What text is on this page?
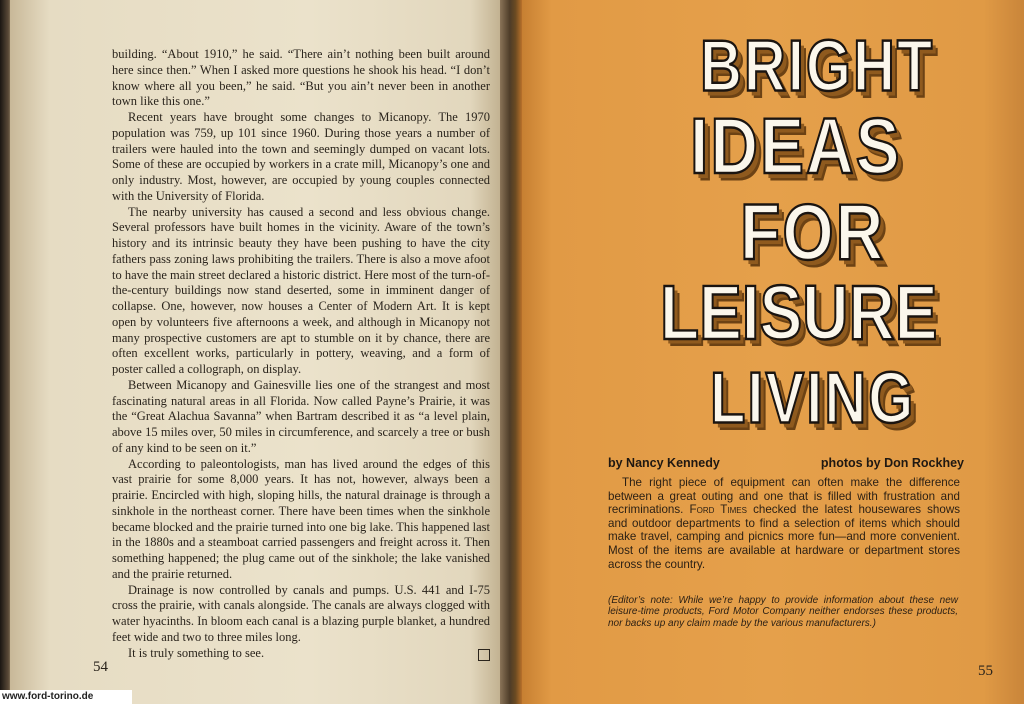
building. “About 1910,” he said. “There ain’t nothing been built around here since then.” When I asked more questions he shook his head. “I don’t know where all you been,” he said. “But you ain’t never been in another town like this one.”

Recent years have brought some changes to Micanopy. The 1970 population was 759, up 101 since 1960. During those years a number of trailers were hauled into the town and seemingly dumped on vacant lots. Some of these are occupied by workers in a crate mill, Micanopy’s one and only industry. Most, however, are occupied by young couples connected with the University of Florida.

The nearby university has caused a second and less obvious change. Several professors have built homes in the vicinity. Aware of the town’s history and its intrinsic beauty they have been pushing to have the city fathers pass zoning laws prohibiting the trailers. There is also a move afoot to have the main street declared a historic district. Here most of the turn-of-the-century buildings now stand deserted, some in imminent danger of collapse. One, however, now houses a Center of Modern Art. It is kept open by volunteers five afternoons a week, and although in Micanopy not many prospective customers are apt to stumble on it by chance, there are often excellent works, particularly in pottery, weaving, and a form of poster called a collograph, on display.

Between Micanopy and Gainesville lies one of the strangest and most fascinating natural areas in all Florida. Now called Payne’s Prairie, it was the “Great Alachua Savanna” when Bartram described it as “a level plain, above 15 miles over, 50 miles in circumference, and scarcely a tree or bush of any kind to be seen on it.”

According to paleontologists, man has lived around the edges of this vast prairie for some 8,000 years. It has not, however, always been a prairie. Encircled with high, sloping hills, the natural drainage is through a sinkhole in the northeast corner. There have been times when the sinkhole became blocked and the prairie turned into one big lake. This happened last in the 1880s and a steamboat carried passengers and freight across it. Then something happened; the plug came out of the sinkhole; the lake vanished and the prairie returned.

Drainage is now controlled by canals and pumps. U.S. 441 and I-75 cross the prairie, with canals alongside. The canals are always clogged with water hyacinths. In bloom each canal is a blazing purple blanket, a hundred feet wide and two to three miles long.

It is truly something to see.

54
BRIGHT
IDEAS
FOR
LEISURE
LIVING
by Nancy Kennedy	photos by Don Rockhey

The right piece of equipment can often make the difference between a great outing and one that is filled with frustration and recriminations. Ford Times checked the latest housewares shows and outdoor departments to find a selection of items which should make travel, camping and picnics more fun—and more convenient. Most of the items are available at hardware or department stores across the country.

(Editor’s note: While we’re happy to provide information about these new leisure-time products, Ford Motor Company neither endorses these products, nor backs up any claim made by the various manufacturers.)
55
www.ford-torino.de
